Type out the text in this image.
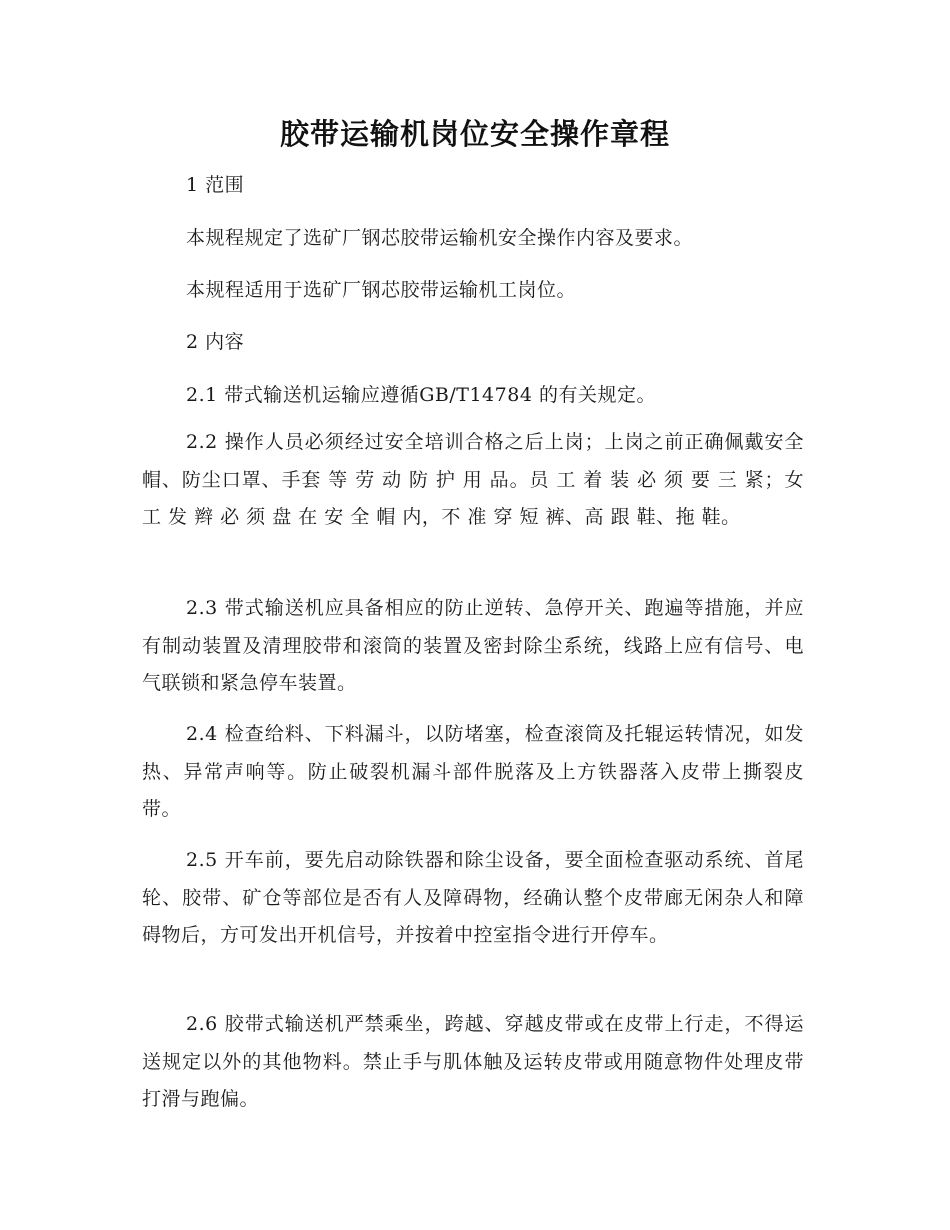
胶带运输机岗位安全操作章程
1 范围
本规程规定了选矿厂钢芯胶带运输机安全操作内容及要求。
本规程适用于选矿厂钢芯胶带运输机工岗位。
2 内容
2.1 带式输送机运输应遵循GB/T14784 的有关规定。
2.2 操作人员必须经过安全培训合格之后上岗；上岗之前正确佩戴安全帽、防尘口罩、手套 等 劳 动 防 护 用 品。员 工 着 装 必 须 要 三 紧；女 工 发 辫 必 须 盘 在 安 全 帽 内，不 准 穿 短 裤、高 跟 鞋、拖 鞋。
2.3 带式输送机应具备相应的防止逆转、急停开关、跑遍等措施，并应有制动装置及清理胶带和滚筒的装置及密封除尘系统，线路上应有信号、电气联锁和紧急停车装置。
2.4 检查给料、下料漏斗，以防堵塞，检查滚筒及托辊运转情况，如发热、异常声响等。防止破裂机漏斗部件脱落及上方铁器落入皮带上撕裂皮带。
2.5 开车前，要先启动除铁器和除尘设备，要全面检查驱动系统、首尾轮、胶带、矿仓等部位是否有人及障碍物，经确认整个皮带廊无闲杂人和障碍物后，方可发出开机信号，并按着中控室指令进行开停车。
2.6 胶带式输送机严禁乘坐，跨越、穿越皮带或在皮带上行走，不得运送规定以外的其他物料。禁止手与肌体触及运转皮带或用随意物件处理皮带打滑与跑偏。
